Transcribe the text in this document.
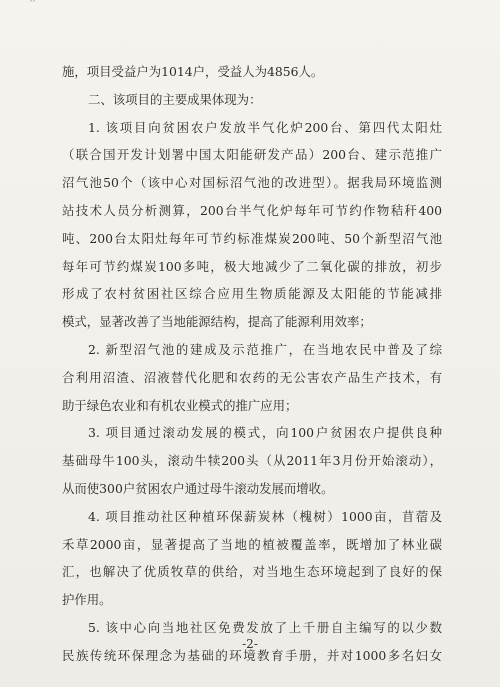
′′
施，项目受益户为1014户，受益人为4856人。
二、该项目的主要成果体现为：
1. 该项目向贫困农户发放半气化炉200台、第四代太阳灶
（联合国开发计划署中国太阳能研发产品）200台、建示范推广
沼气池50个（该中心对国标沼气池的改进型）。据我局环境监测
站技术人员分析测算，200台半气化炉每年可节约作物秸秆400
吨、200台太阳灶每年可节约标准煤炭200吨、50个新型沼气池
每年可节约煤炭100多吨，极大地减少了二氧化碳的排放，初步
形成了农村贫困社区综合应用生物质能源及太阳能的节能减排
模式，显著改善了当地能源结构，提高了能源利用效率；
2. 新型沼气池的建成及示范推广，在当地农民中普及了综
合利用沼渣、沼液替代化肥和农药的无公害农产品生产技术，有
助于绿色农业和有机农业模式的推广应用；
3. 项目通过滚动发展的模式，向100户贫困农户提供良种
基础母牛100头，滚动牛犊200头（从2011年3月份开始滚动），
从而使300户贫困农户通过母牛滚动发展而增收。
4. 项目推动社区种植环保薪炭林（槐树）1000亩，苜蓿及
禾草2000亩，显著提高了当地的植被覆盖率，既增加了林业碳
汇，也解决了优质牧草的供给，对当地生态环境起到了良好的保
护作用。
5. 该中心向当地社区免费发放了上千册自主编写的以少数
民族传统环保理念为基础的环境教育手册，并对1000多名妇女
-2-
